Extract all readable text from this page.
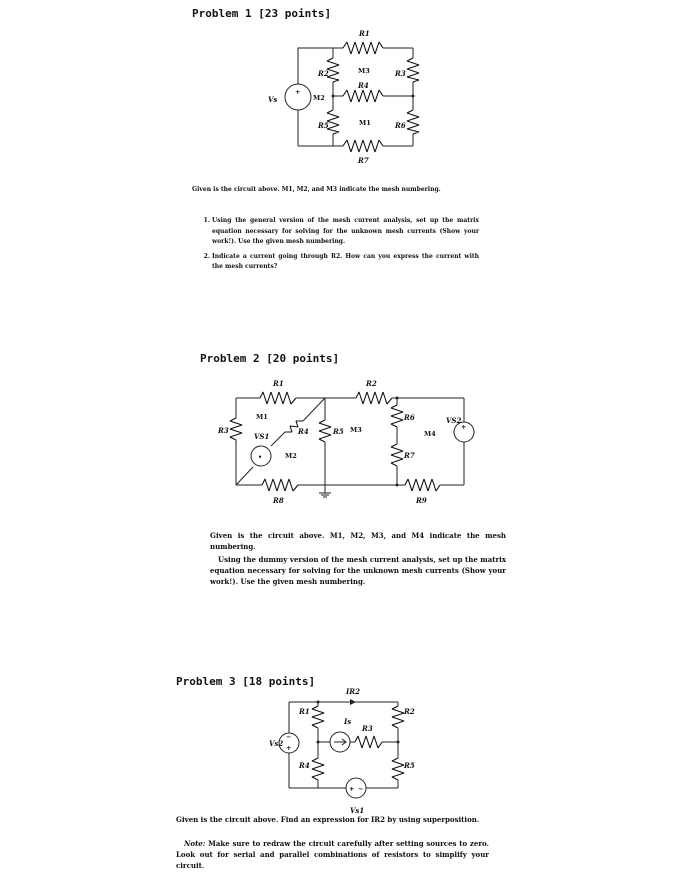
Problem 1 [23 points]
+
Vs
R1
R2	R3
R4
R5	R6
R7
M3
M2
M1
Given is the circuit above. M1, M2, and M3 indicate the mesh numbering.
1. Using the general version of the mesh current analysis, set up the matrix equation necessary for solving for the unknown mesh currents (Show your work!). Use the given mesh numbering.
2. Indicate a current going through R2. How can you express the current with the mesh currents?
Problem 2 [20 points]
•
+
R1	R2
R3	R4	R5
R6
R7
R8	R9
VS1
VS2
M1
M2
M3	M4
Given is the circuit above. M1, M2, M3, and M4 indicate the mesh numbering.
Using the dummy version of the mesh current analysis, set up the matrix equation necessary for solving for the unknown mesh currents (Show your work!). Use the given mesh numbering.
Problem 3 [18 points]
−
+
+ −
IR2
R1	R2
R3
R4	R5
Is
Vs2
Vs1
Given is the circuit above. Find an expression for IR2 by using superposition.
Note: Make sure to redraw the circuit carefully after setting sources to zero. Look out for serial and parallel combinations of resistors to simplify your circuit.
